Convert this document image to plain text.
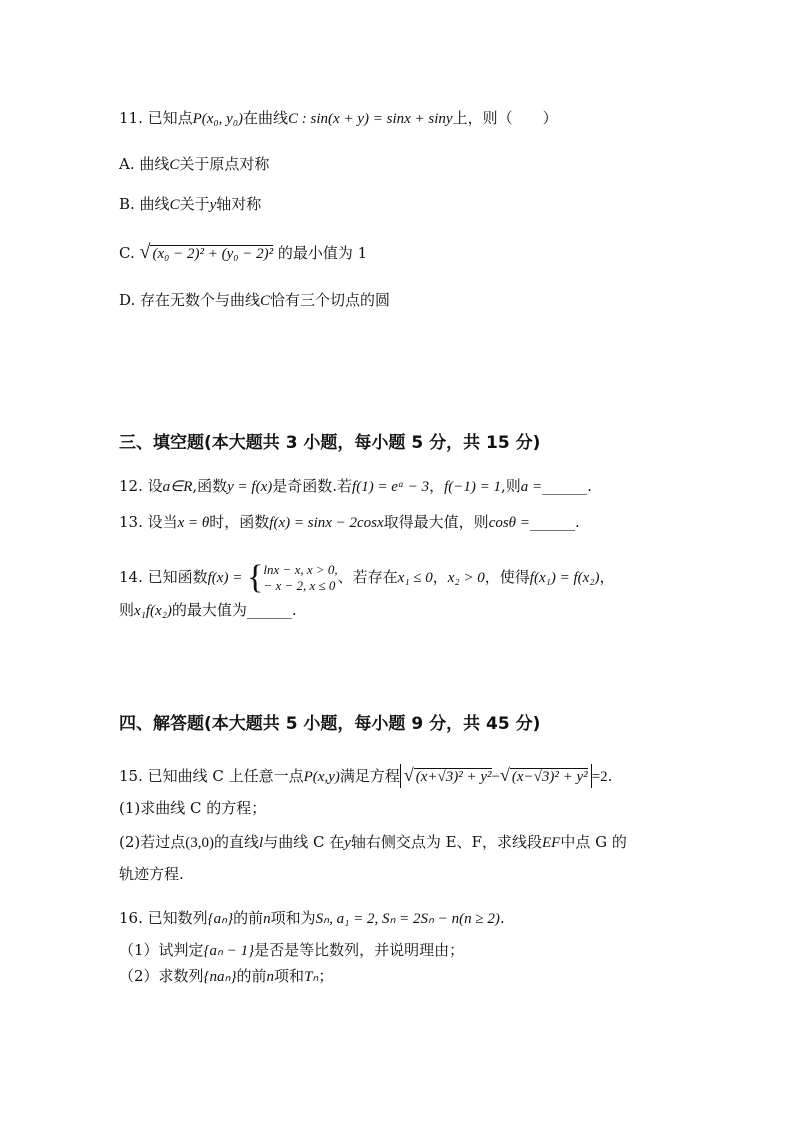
11. 已知点P(x₀, y₀)在曲线C : sin(x + y) = sinx + siny上，则（　　）
A. 曲线C关于原点对称
B. 曲线C关于y轴对称
C. √ (x₀ − 2)² + (y₀ − 2)² 的最小值为 1
D. 存在无数个与曲线C恰有三个切点的圆
三、填空题(本大题共 3 小题，每小题 5 分，共 15 分)
12. 设a∈R,函数y = f(x)是奇函数.若f(1) = eᵃ − 3，f(−1) = 1,则a =______.
13. 设当x = θ时，函数f(x) = sinx − 2cosx取得最大值，则cosθ =______.
14. 已知函数f(x) = {lnx − x, x > 0,
− x − 2, x ≤ 0 、若存在x₁ ≤ 0，x₂ > 0，使得f(x₁) = f(x₂)，
则x₁f(x₂)的最大值为______.
四、解答题(本大题共 5 小题，每小题 9 分，共 45 分)
15. 已知曲线 C 上任意一点P(x,y)满足方程 √ (x+√3)² + y²−√ (x−√3)² + y² =2.
(1)求曲线 C 的方程；
(2)若过点(3,0)的直线l与曲线 C 在y轴右侧交点为 E、F，求线段EF中点 G 的
轨迹方程.
16. 已知数列{aₙ}的前n项和为Sₙ, a₁ = 2, Sₙ = 2Sₙ − n(n ≥ 2).
（1）试判定{aₙ − 1}是否是等比数列，并说明理由；
（2）求数列{naₙ}的前n项和Tₙ；
